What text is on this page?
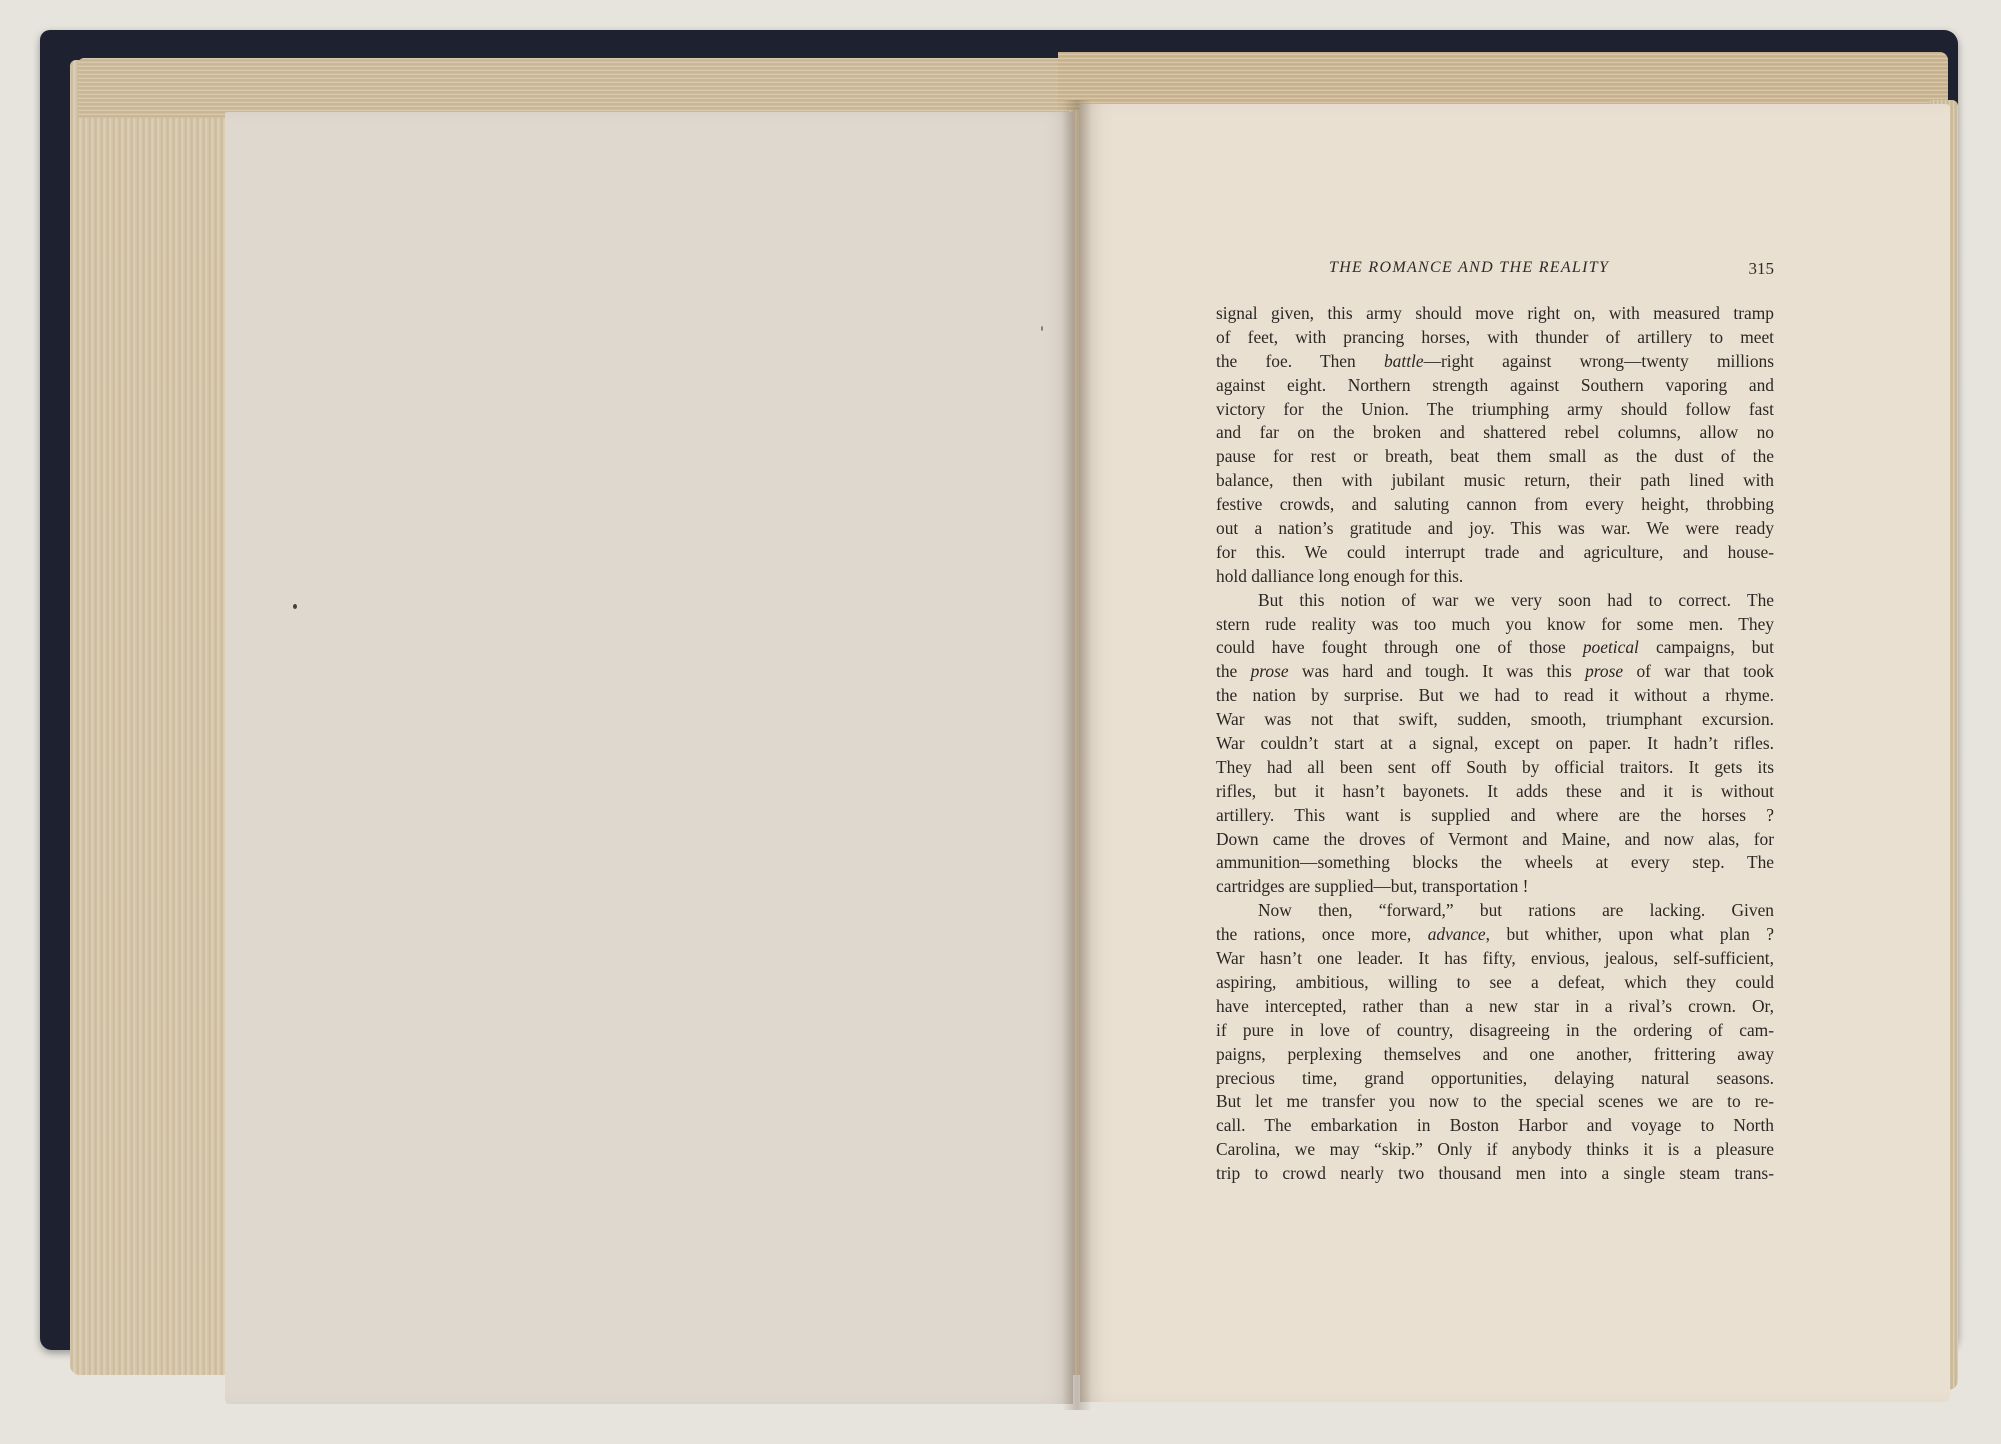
THE ROMANCE AND THE REALITY	315
signal given, this army should move right on, with measured tramp
of feet, with prancing horses, with thunder of artillery to meet
the foe. Then battle—right against wrong—twenty millions
against eight. Northern strength against Southern vaporing and
victory for the Union. The triumphing army should follow fast
and far on the broken and shattered rebel columns, allow no
pause for rest or breath, beat them small as the dust of the
balance, then with jubilant music return, their path lined with
festive crowds, and saluting cannon from every height, throbbing
out a nation’s gratitude and joy. This was war. We were ready
for this. We could interrupt trade and agriculture, and house-
hold dalliance long enough for this.
But this notion of war we very soon had to correct. The
stern rude reality was too much you know for some men. They
could have fought through one of those poetical campaigns, but
the prose was hard and tough. It was this prose of war that took
the nation by surprise. But we had to read it without a rhyme.
War was not that swift, sudden, smooth, triumphant excursion.
War couldn’t start at a signal, except on paper. It hadn’t rifles.
They had all been sent off South by official traitors. It gets its
rifles, but it hasn’t bayonets. It adds these and it is without
artillery. This want is supplied and where are the horses ?
Down came the droves of Vermont and Maine, and now alas, for
ammunition—something blocks the wheels at every step. The
cartridges are supplied—but, transportation !
Now then, “forward,” but rations are lacking. Given
the rations, once more, advance, but whither, upon what plan ?
War hasn’t one leader. It has fifty, envious, jealous, self-sufficient,
aspiring, ambitious, willing to see a defeat, which they could
have intercepted, rather than a new star in a rival’s crown. Or,
if pure in love of country, disagreeing in the ordering of cam-
paigns, perplexing themselves and one another, frittering away
precious time, grand opportunities, delaying natural seasons.
But let me transfer you now to the special scenes we are to re-
call. The embarkation in Boston Harbor and voyage to North
Carolina, we may “skip.” Only if anybody thinks it is a pleasure
trip to crowd nearly two thousand men into a single steam trans-
